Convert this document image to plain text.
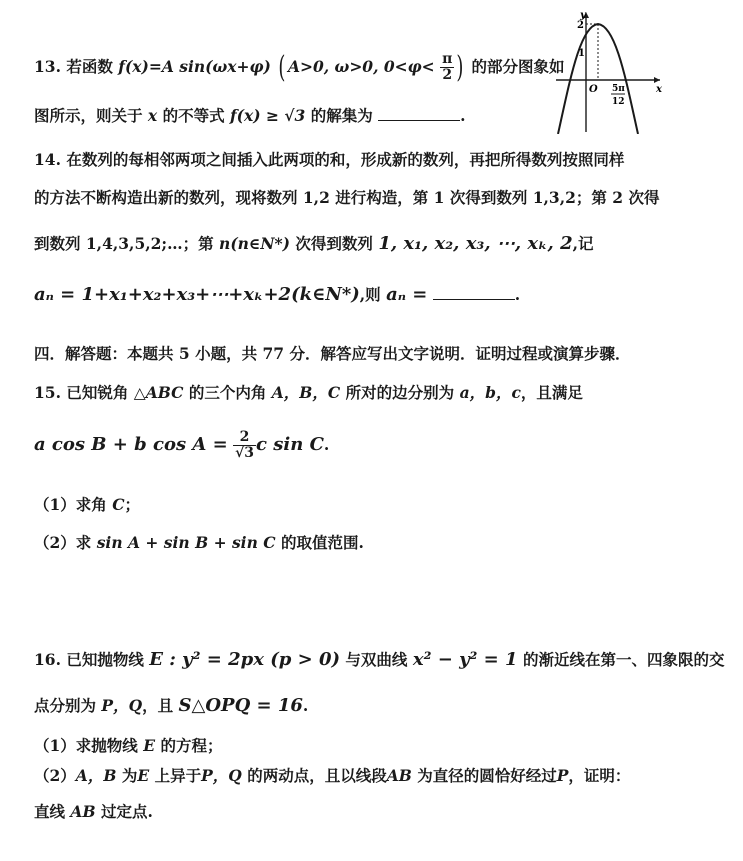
13. 若函数 f(x)=A sin(ωx+φ) ( A>0, ω>0, $0<\varphi< \frac{\pi}{2}$ ) 的部分图象如
图所示，则关于 x 的不等式 f(x) ≥ √3 的解集为	.
y
x
O
2
1
5π
12
14. 在数列的每相邻两项之间插入此两项的和，形成新的数列，再把所得数列按照同样
的方法不断构造出新的数列，现将数列 1,2 进行构造，第 1 次得到数列 1,3,2；第 2 次得
到数列 1,4,3,5,2;…；第 n(n∈N*) 次得到数列 1, x₁, x₂, x₃, ⋯, xₖ, 2,记
aₙ = 1+x₁+x₂+x₃+⋯+xₖ+2(k∈N*),则 aₙ =	.
四．解答题：本题共 5 小题，共 77 分．解答应写出文字说明．证明过程或演算步骤．
15. 已知锐角 △ABC 的三个内角 A，B，C 所对的边分别为 a，b，c，且满足
a cos B + b $\cos A = \frac{2}{√3}$ c sin C.
（1）求角 C；
（2）求 sin A + sin B + sin C 的取值范围.
16. 已知抛物线 E : y² = 2px (p > 0) 与双曲线 x² − y² = 1 的渐近线在第一、四象限的交
点分别为 P，Q，且 S△OPQ = 16.
（1）求抛物线 E 的方程；
（2）A，B 为E 上异于P，Q 的两动点，且以线段AB 为直径的圆恰好经过P，证明：
直线 AB 过定点.
